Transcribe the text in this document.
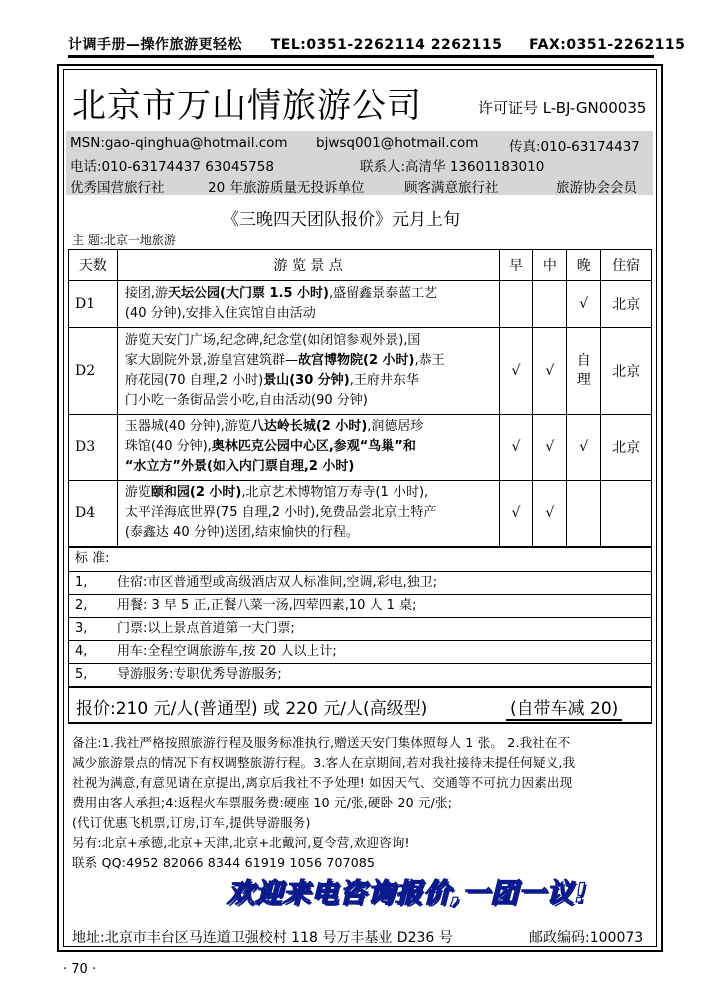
计调手册—操作旅游更轻松 TEL:0351-2262114 2262115 FAX:0351-2262115
北京市万山情旅游公司	许可证号 L-BJ-GN00035
MSN:gao-qinghua@hotmail.com bjwsq001@hotmail.com 传真:010-63174437
电话:010-63174437 63045758	联系人:高清华 13601183010
优秀国营旅行社	20 年旅游质量无投诉单位	顾客满意旅行社	旅游协会会员
《三晚四天团队报价》元月上旬
主 题:北京一地旅游
天数	游 览 景 点	早	中	晚	住宿
D1	接团,游天坛公园(大门票 1.5 小时),盛留鑫景泰蓝工艺
(40 分钟),安排入住宾馆自由活动			√	北京
D2	游览天安门广场,纪念碑,纪念堂(如闭馆参观外景),国
家大剧院外景,游皇宫建筑群—故宫博物院(2 小时),恭王
府花园(70 自理,2 小时)景山(30 分钟),王府井东华
门小吃一条街品尝小吃,自由活动(90 分钟)	√	√	自理	北京
D3	玉器城(40 分钟),游览八达岭长城(2 小时),润德居珍
珠馆(40 分钟),奥林匹克公园中心区,参观“鸟巢”和
“水立方”外景(如入内门票自理,2 小时)	√	√	√	北京
D4	游览颐和园(2 小时),北京艺术博物馆万寿寺(1 小时),
太平洋海底世界(75 自理,2 小时),免费品尝北京土特产
(泰鑫达 40 分钟)送团,结束愉快的行程。	√	√		
标 准:
1, 住宿:市区普通型或高级酒店双人标准间,空调,彩电,独卫;
2, 用餐: 3 早 5 正,正餐八菜一汤,四荤四素,10 人 1 桌;
3, 门票:以上景点首道第一大门票;
4, 用车:全程空调旅游车,按 20 人以上计;
5, 导游服务:专职优秀导游服务;
报价:210 元/人(普通型) 或 220 元/人(高级型)	(自带车减 20)
备注:1.我社严格按照旅游行程及服务标准执行,赠送天安门集体照每人 1 张。 2.我社在不
减少旅游景点的情况下有权调整旅游行程。3.客人在京期间,若对我社接待未提任何疑义,我
社视为满意,有意见请在京提出,离京后我社不予处理! 如因天气、交通等不可抗力因素出现
费用由客人承担;4:返程火车票服务费:硬座 10 元/张,硬卧 20 元/张;
(代订优惠飞机票,订房,订车,提供导游服务)
另有:北京+承德,北京+天津,北京+北戴河,夏令营,欢迎咨询!
联系 QQ:4952 82066 8344 61919 1056 707085
欢迎来电咨询报价,一团一议!
地址:北京市丰台区马连道卫强校村 118 号万丰基业 D236 号	邮政编码:100073
· 70 ·
